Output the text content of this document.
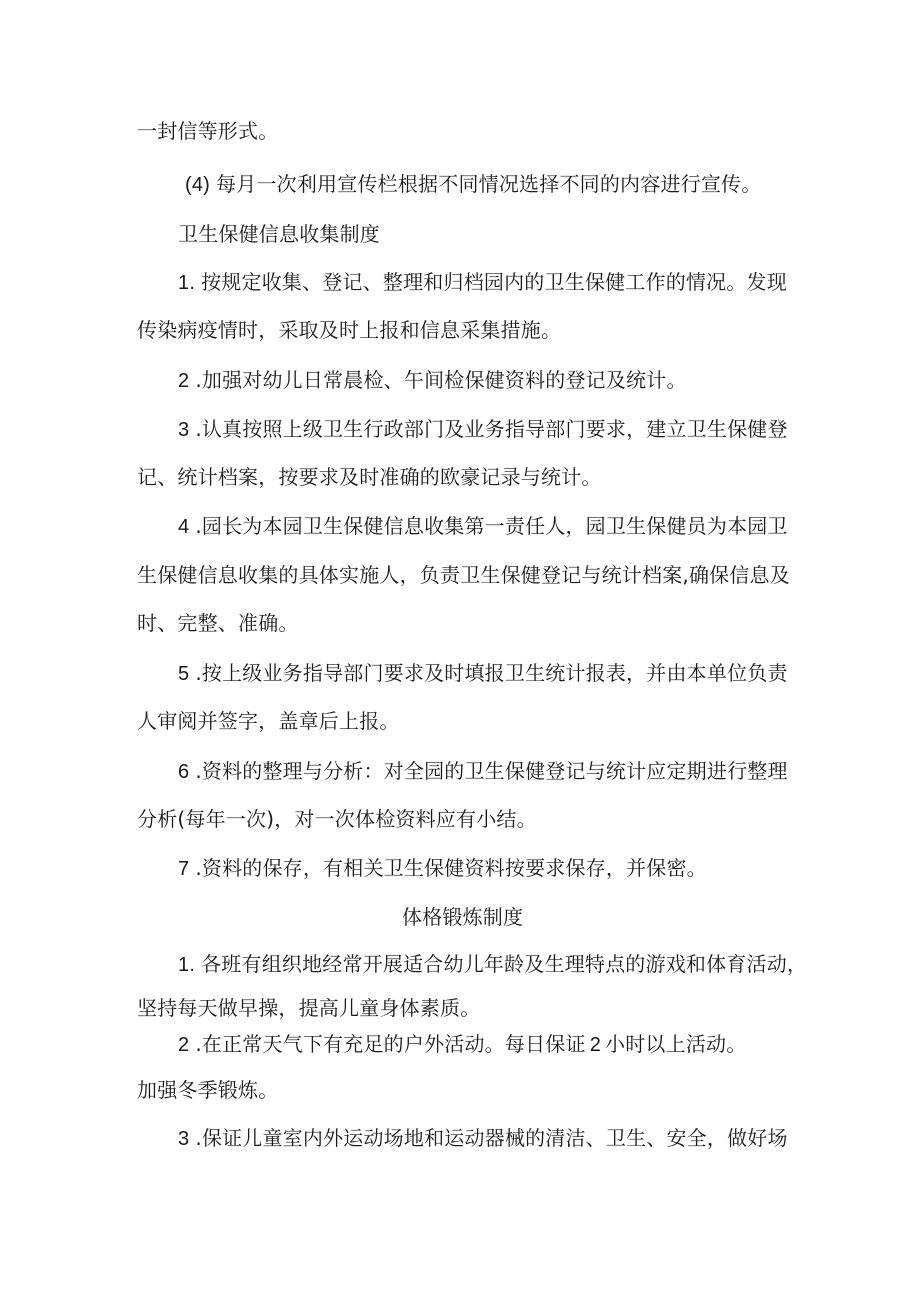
一封信等形式。
(4) 每月一次利用宣传栏根据不同情况选择不同的内容进行宣传。
卫生保健信息收集制度
1. 按规定收集、登记、整理和归档园内的卫生保健工作的情况。发现
传染病疫情时，采取及时上报和信息采集措施。
2 .加强对幼儿日常晨检、午间检保健资料的登记及统计。
3 .认真按照上级卫生行政部门及业务指导部门要求，建立卫生保健登
记、统计档案，按要求及时准确的欧豪记录与统计。
4 .园长为本园卫生保健信息收集第一责任人，园卫生保健员为本园卫
生保健信息收集的具体实施人，负责卫生保健登记与统计档案,确保信息及
时、完整、准确。
5 .按上级业务指导部门要求及时填报卫生统计报表，并由本单位负责
人审阅并签字，盖章后上报。
6 .资料的整理与分析：对全园的卫生保健登记与统计应定期进行整理
分析(每年一次)，对一次体检资料应有小结。
7 .资料的保存，有相关卫生保健资料按要求保存，并保密。
体格锻炼制度
1. 各班有组织地经常开展适合幼儿年龄及生理特点的游戏和体育活动，
坚持每天做早操，提高儿童身体素质。
2 .在正常天气下有充足的户外活动。每日保证 2 小时以上活动。
加强冬季锻炼。
3 .保证儿童室内外运动场地和运动器械的清洁、卫生、安全，做好场
